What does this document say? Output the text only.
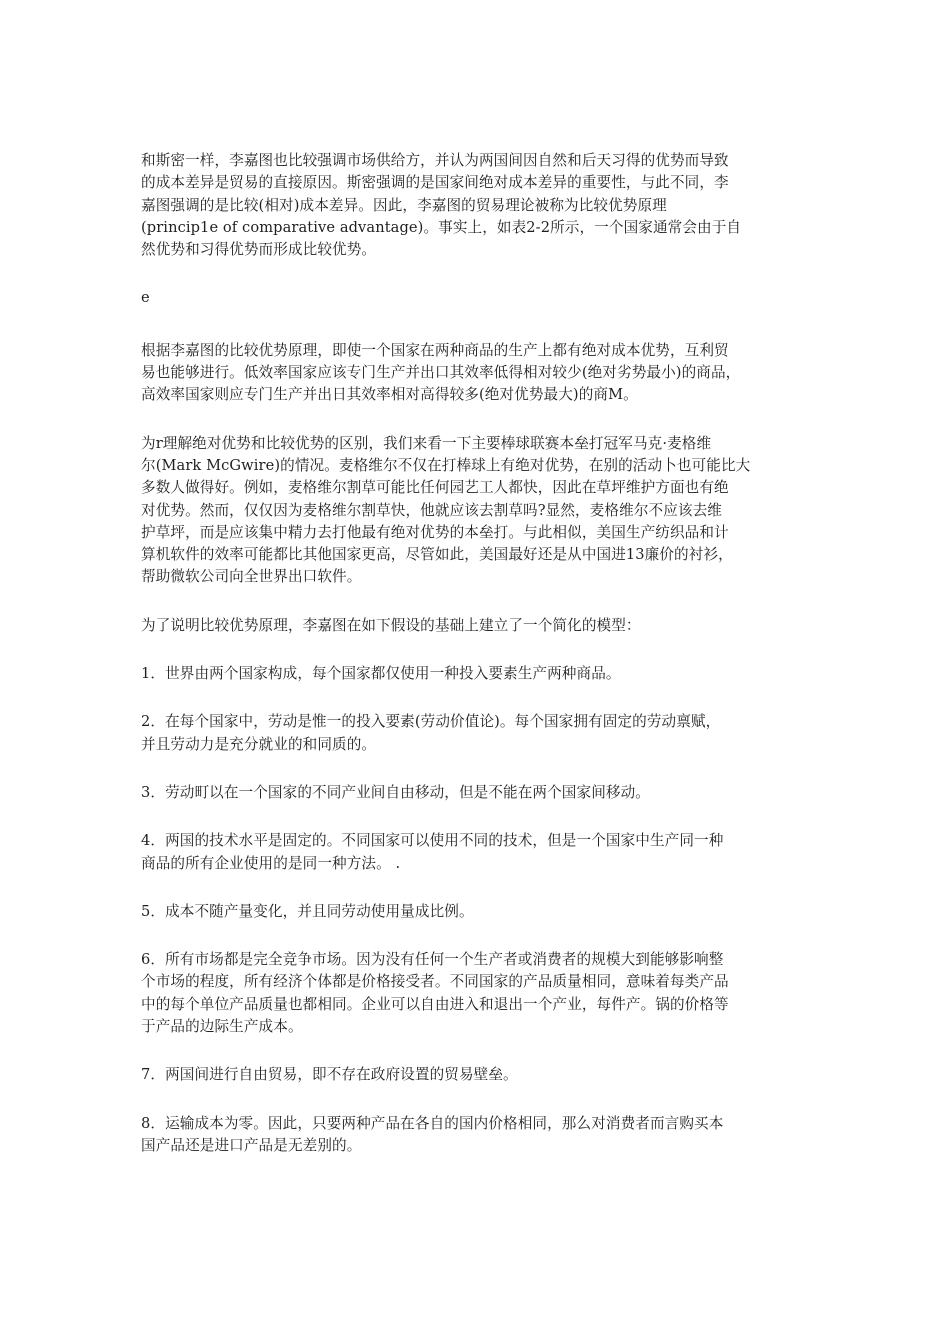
和斯密一样，李嘉图也比较强调市场供给方，并认为两国间因自然和后天习得的优势而导致
的成本差异是贸易的直接原因。斯密强调的是国家间绝对成本差异的重要性，与此不同，李
嘉图强调的是比较(相对)成本差异。因此，李嘉图的贸易理论被称为比较优势原理
(princip1e of comparative advantage)。事实上，如表2-2所示，一个国家通常会由于自
然优势和习得优势而形成比较优势。

e

根据李嘉图的比较优势原理，即使一个国家在两种商品的生产上都有绝对成本优势，互利贸
易也能够进行。低效率国家应该专门生产并出口其效率低得相对较少(绝对劣势最小)的商品，
高效率国家则应专门生产并出日其效率相对高得较多(绝对优势最大)的商M。

为r理解绝对优势和比较优势的区别，我们来看一下主要棒球联赛本垒打冠军马克·麦格维
尔(Mark McGwire)的情况。麦格维尔不仅在打棒球上有绝对优势，在别的活动卜也可能比大
多数人做得好。例如，麦格维尔割草可能比任何园艺工人都快，因此在草坪维护方面也有绝
对优势。然而，仅仅因为麦格维尔割草快，他就应该去割草吗?显然，麦格维尔不应该去维
护草坪，而是应该集中精力去打他最有绝对优势的本垒打。与此相似，美国生产纺织品和计
算机软件的效率可能都比其他国家更高，尽管如此，美国最好还是从中国进13廉价的衬衫，
帮助微软公司向全世界出口软件。

为了说明比较优势原理，李嘉图在如下假设的基础上建立了一个简化的模型：

1．世界由两个国家构成，每个国家都仅使用一种投入要素生产两种商品。

2．在每个国家中，劳动是惟一的投入要素(劳动价值论)。每个国家拥有固定的劳动禀赋，
并且劳动力是充分就业的和同质的。

3．劳动町以在一个国家的不同产业间自由移动，但是不能在两个国家间移动。

4．两国的技术水平是固定的。不同国家可以使用不同的技术，但是一个国家中生产同一种
商品的所有企业使用的是同一种方法。 .

5．成本不随产量变化，并且同劳动使用量成比例。

6．所有市场都是完全竞争市场。因为没有任何一个生产者或消费者的规模大到能够影响整
个市场的程度，所有经济个体都是价格接受者。不同国家的产品质量相同，意味着每类产品
中的每个单位产品质量也都相同。企业可以自由进入和退出一个产业，每件产。锅的价格等
于产品的边际生产成本。

7．两国间进行自由贸易，即不存在政府设置的贸易壁垒。

8．运输成本为零。因此，只要两种产品在各自的国内价格相同，那么对消费者而言购买本
国产品还是进口产品是无差别的。
